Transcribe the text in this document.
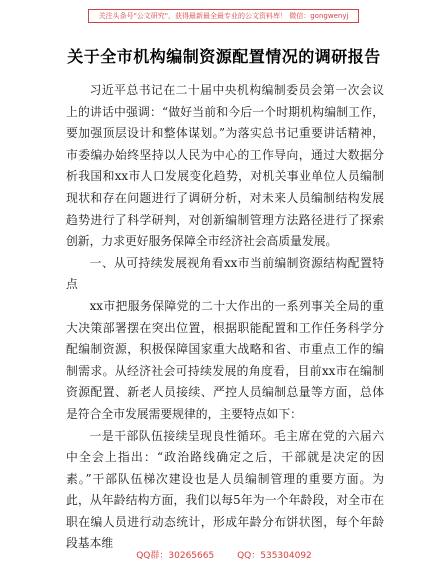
关注头条号"公文研究"，获得最新最全最专业的公文资料库！ 微信：gongwenyj
关于全市机构编制资源配置情况的调研报告

习近平总书记在二十届中央机构编制委员会第一次会议上的讲话中强调：“做好当前和今后一个时期机构编制工作，要加强顶层设计和整体谋划。”为落实总书记重要讲话精神，市委编办始终坚持以人民为中心的工作导向，通过大数据分析我国和xx市人口发展变化趋势，对机关事业单位人员编制现状和存在问题进行了调研分析，对未来人员编制结构发展趋势进行了科学研判，对创新编制管理方法路径进行了探索创新，力求更好服务保障全市经济社会高质量发展。

一、从可持续发展视角看xx市当前编制资源结构配置特点

xx市把服务保障党的二十大作出的一系列事关全局的重大决策部署摆在突出位置，根据职能配置和工作任务科学分配编制资源，积极保障国家重大战略和省、市重点工作的编制需求。从经济社会可持续发展的角度看，目前xx市在编制资源配置、新老人员接续、严控人员编制总量等方面，总体是符合全市发展需要规律的，主要特点如下：

一是干部队伍接续呈现良性循环。毛主席在党的六届六中全会上指出：“政治路线确定之后，干部就是决定的因素。”干部队伍梯次建设也是人员编制管理的重要方面。为此，从年龄结构方面，我们以每5年为一个年龄段，对全市在职在编人员进行动态统计，形成年龄分布饼状图，每个年龄段基本维

QQ群：30265665	QQ：535304092
